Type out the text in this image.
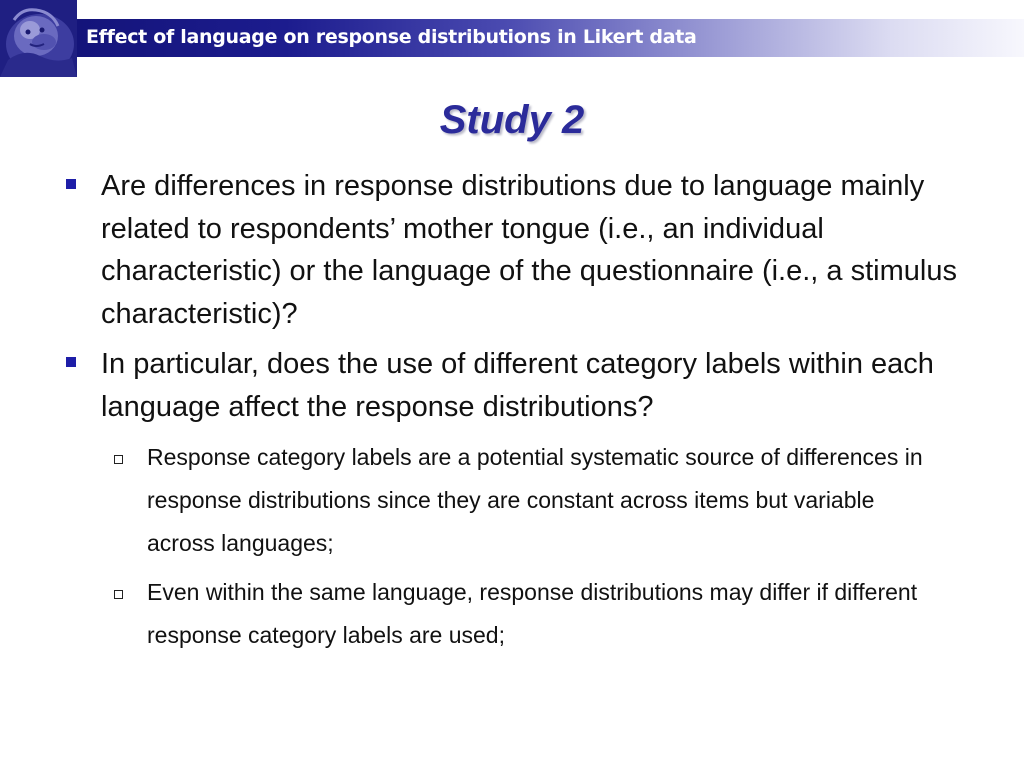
Effect of language on response distributions in Likert data
Study 2
Are differences in response distributions due to language mainly related to respondents’ mother tongue (i.e., an individual characteristic) or the language of the questionnaire (i.e., a stimulus characteristic)?
In particular, does the use of different category labels within each language affect the response distributions?
Response category labels are a potential systematic source of differences in response distributions since they are constant across items but variable across languages;
Even within the same language, response distributions may differ if different response category labels are used;
